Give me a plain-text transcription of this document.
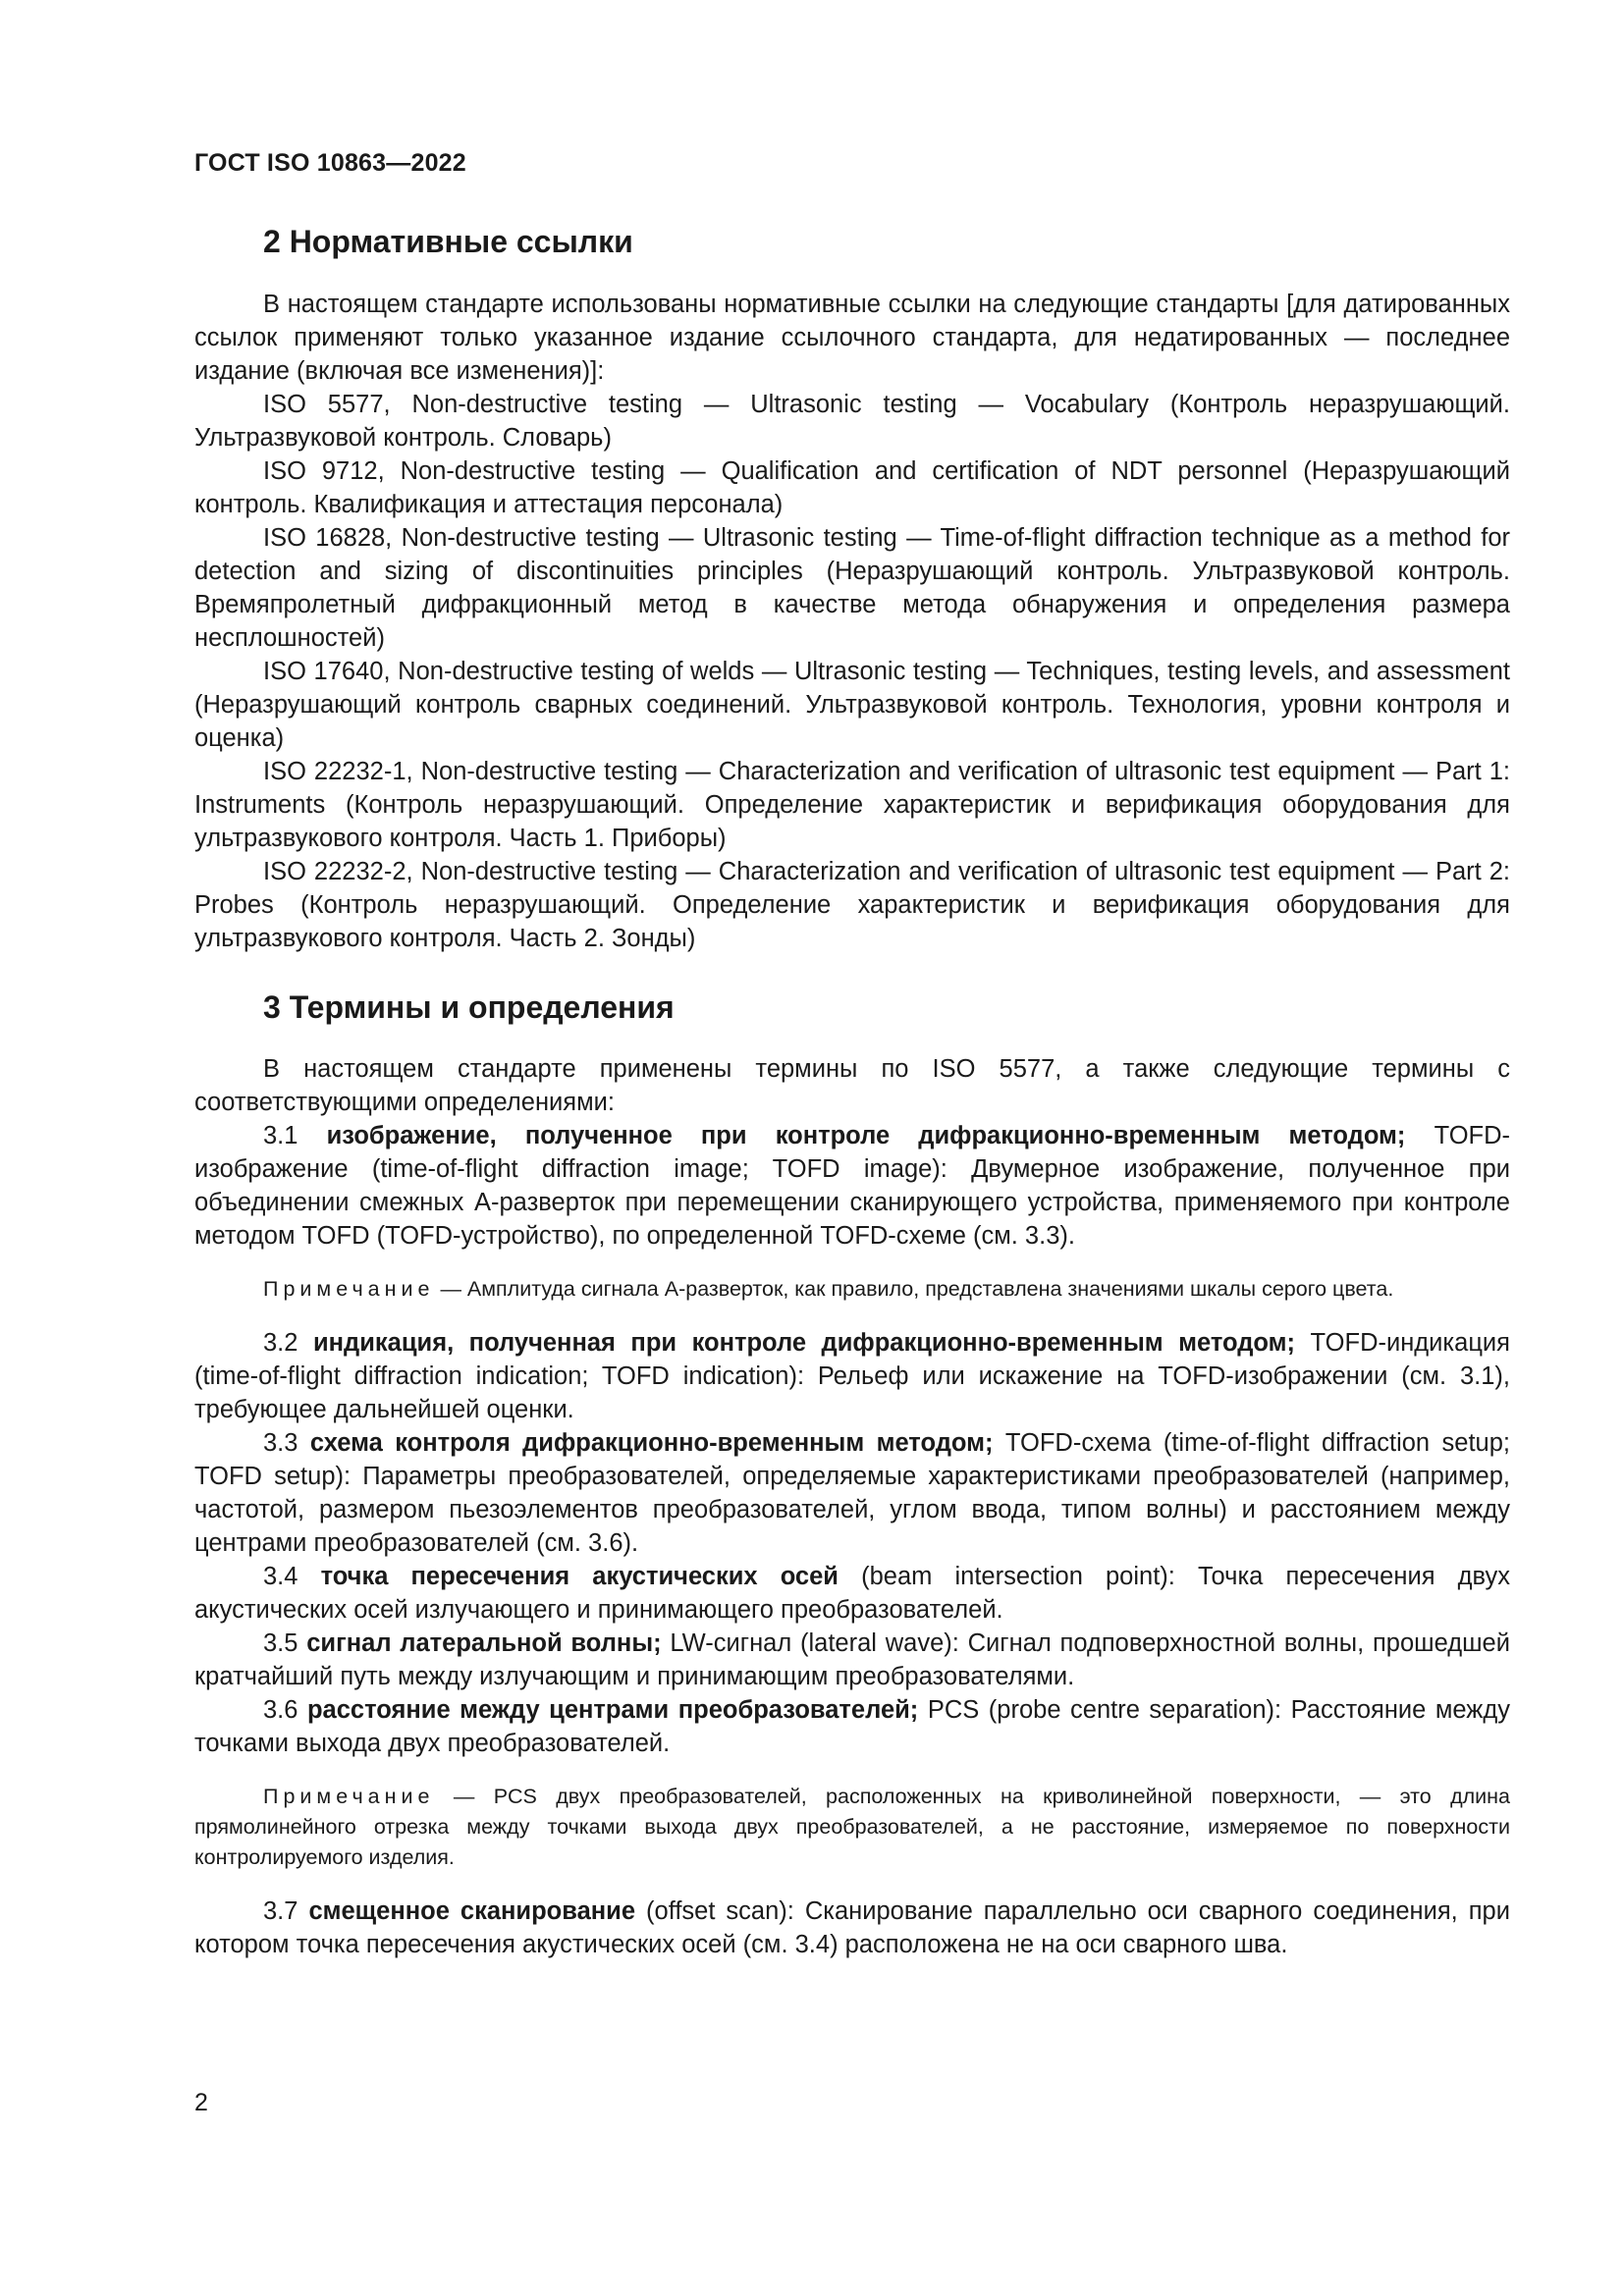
ГОСТ ISO 10863—2022
2 Нормативные ссылки

В настоящем стандарте использованы нормативные ссылки на следующие стандарты [для датированных ссылок применяют только указанное издание ссылочного стандарта, для недатированных — последнее издание (включая все изменения)]:

ISO 5577, Non-destructive testing — Ultrasonic testing — Vocabulary (Контроль неразрушающий. Ультразвуковой контроль. Словарь)

ISO 9712, Non-destructive testing — Qualification and certification of NDT personnel (Неразрушающий контроль. Квалификация и аттестация персонала)

ISO 16828, Non-destructive testing — Ultrasonic testing — Time-of-flight diffraction technique as a method for detection and sizing of discontinuities principles (Неразрушающий контроль. Ультразвуковой контроль. Времяпролетный дифракционный метод в качестве метода обнаружения и определения размера несплошностей)

ISO 17640, Non-destructive testing of welds — Ultrasonic testing — Techniques, testing levels, and assessment (Неразрушающий контроль сварных соединений. Ультразвуковой контроль. Технология, уровни контроля и оценка)

ISO 22232-1, Non-destructive testing — Characterization and verification of ultrasonic test equipment — Part 1: Instruments (Контроль неразрушающий. Определение характеристик и верификация оборудования для ультразвукового контроля. Часть 1. Приборы)

ISO 22232-2, Non-destructive testing — Characterization and verification of ultrasonic test equipment — Part 2: Probes (Контроль неразрушающий. Определение характеристик и верификация оборудования для ультразвукового контроля. Часть 2. Зонды)

3 Термины и определения

В настоящем стандарте применены термины по ISO 5577, а также следующие термины с соответствующими определениями:

3.1 изображение, полученное при контроле дифракционно-временным методом; TOFD-изображение (time-of-flight diffraction image; TOFD image): Двумерное изображение, полученное при объединении смежных А-разверток при перемещении сканирующего устройства, применяемого при контроле методом TOFD (TOFD-устройство), по определенной TOFD-схеме (см. 3.3).

Примечание — Амплитуда сигнала А-разверток, как правило, представлена значениями шкалы серого цвета.

3.2 индикация, полученная при контроле дифракционно-временным методом; TOFD-индикация (time-of-flight diffraction indication; TOFD indication): Рельеф или искажение на TOFD-изображении (см. 3.1), требующее дальнейшей оценки.

3.3 схема контроля дифракционно-временным методом; TOFD-схема (time-of-flight diffraction setup; TOFD setup): Параметры преобразователей, определяемые характеристиками преобразователей (например, частотой, размером пьезоэлементов преобразователей, углом ввода, типом волны) и расстоянием между центрами преобразователей (см. 3.6).

3.4 точка пересечения акустических осей (beam intersection point): Точка пересечения двух акустических осей излучающего и принимающего преобразователей.

3.5 сигнал латеральной волны; LW-сигнал (lateral wave): Сигнал подповерхностной волны, прошедшей кратчайший путь между излучающим и принимающим преобразователями.

3.6 расстояние между центрами преобразователей; PCS (probe centre separation): Расстояние между точками выхода двух преобразователей.

Примечание — PCS двух преобразователей, расположенных на криволинейной поверхности, — это длина прямолинейного отрезка между точками выхода двух преобразователей, а не расстояние, измеряемое по поверхности контролируемого изделия.

3.7 смещенное сканирование (offset scan): Сканирование параллельно оси сварного соединения, при котором точка пересечения акустических осей (см. 3.4) расположена не на оси сварного шва.

2
